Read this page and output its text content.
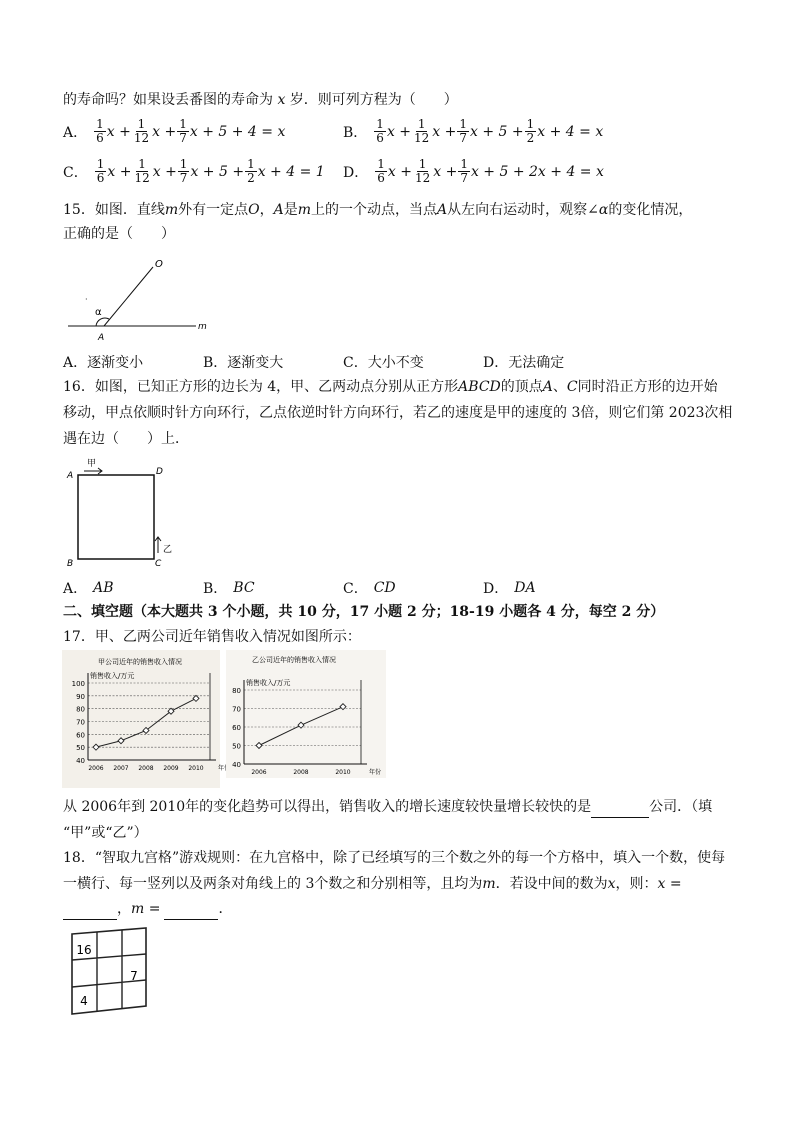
的寿命吗？如果设丢番图的寿命为 x 岁．则可列方程为（　　）
A． $\frac{1}{6}$ $x + \frac{1}{12}$ $x + \frac{1}{7}$ x + 5 + 4 = x	B． $\frac{1}{6}$ $x + \frac{1}{12}$ $x + \frac{1}{7}$ $x + 5 + \frac{1}{2}$ x + 4 = x
C． $\frac{1}{6}$ $x + \frac{1}{12}$ $x + \frac{1}{7}$ $x + 5 + \frac{1}{2}$ x + 4 = 1 D． $\frac{1}{6}$ $x + \frac{1}{12}$ $x + \frac{1}{7}$ x + 5 + 2x + 4 = x
15．如图．直线m外有一定点O，A是m上的一个动点，当点A从左向右运动时，观察∠α的变化情况，
正确的是（　　）
O
A
α
m
·
A．逐渐变小	B．逐渐变大	C．大小不变	D．无法确定
16．如图，已知正方形的边长为 4，甲、乙两动点分别从正方形ABCD的顶点A、C同时沿正方形的边开始
移动，甲点依顺时针方向环行，乙点依逆时针方向环行，若乙的速度是甲的速度的 3倍，则它们第 2023次相
遇在边（　　）上．
A	D
B	C
甲
乙
A． AB	B． BC	C． CD	D． DA
二、填空题（本大题共 3 个小题，共 10 分，17 小题 2 分；18-19 小题各 4 分，每空 2 分）
17．甲、乙两公司近年销售收入情况如图所示：
甲公司近年的销售收入情况
销售收入/万元
40
50
60
70
80
90
100
2006 2007 2008 2009 2010 年份
乙公司近年的销售收入情况
销售收入/万元
40
50
60
70
80
2006	2008	2010	年份
从 2006年到 2010年的变化趋势可以得出，销售收入的增长速度较快量增长较快的是	公司．（填
“甲”或“乙”）
18．“智取九宫格”游戏规则：在九宫格中，除了已经填写的三个数之外的每一个方格中，填入一个数，使每
一横行、每一竖列以及两条对角线上的 3个数之和分别相等，且均为m．若设中间的数为x，则：x =
，m =	．
16
7
4
